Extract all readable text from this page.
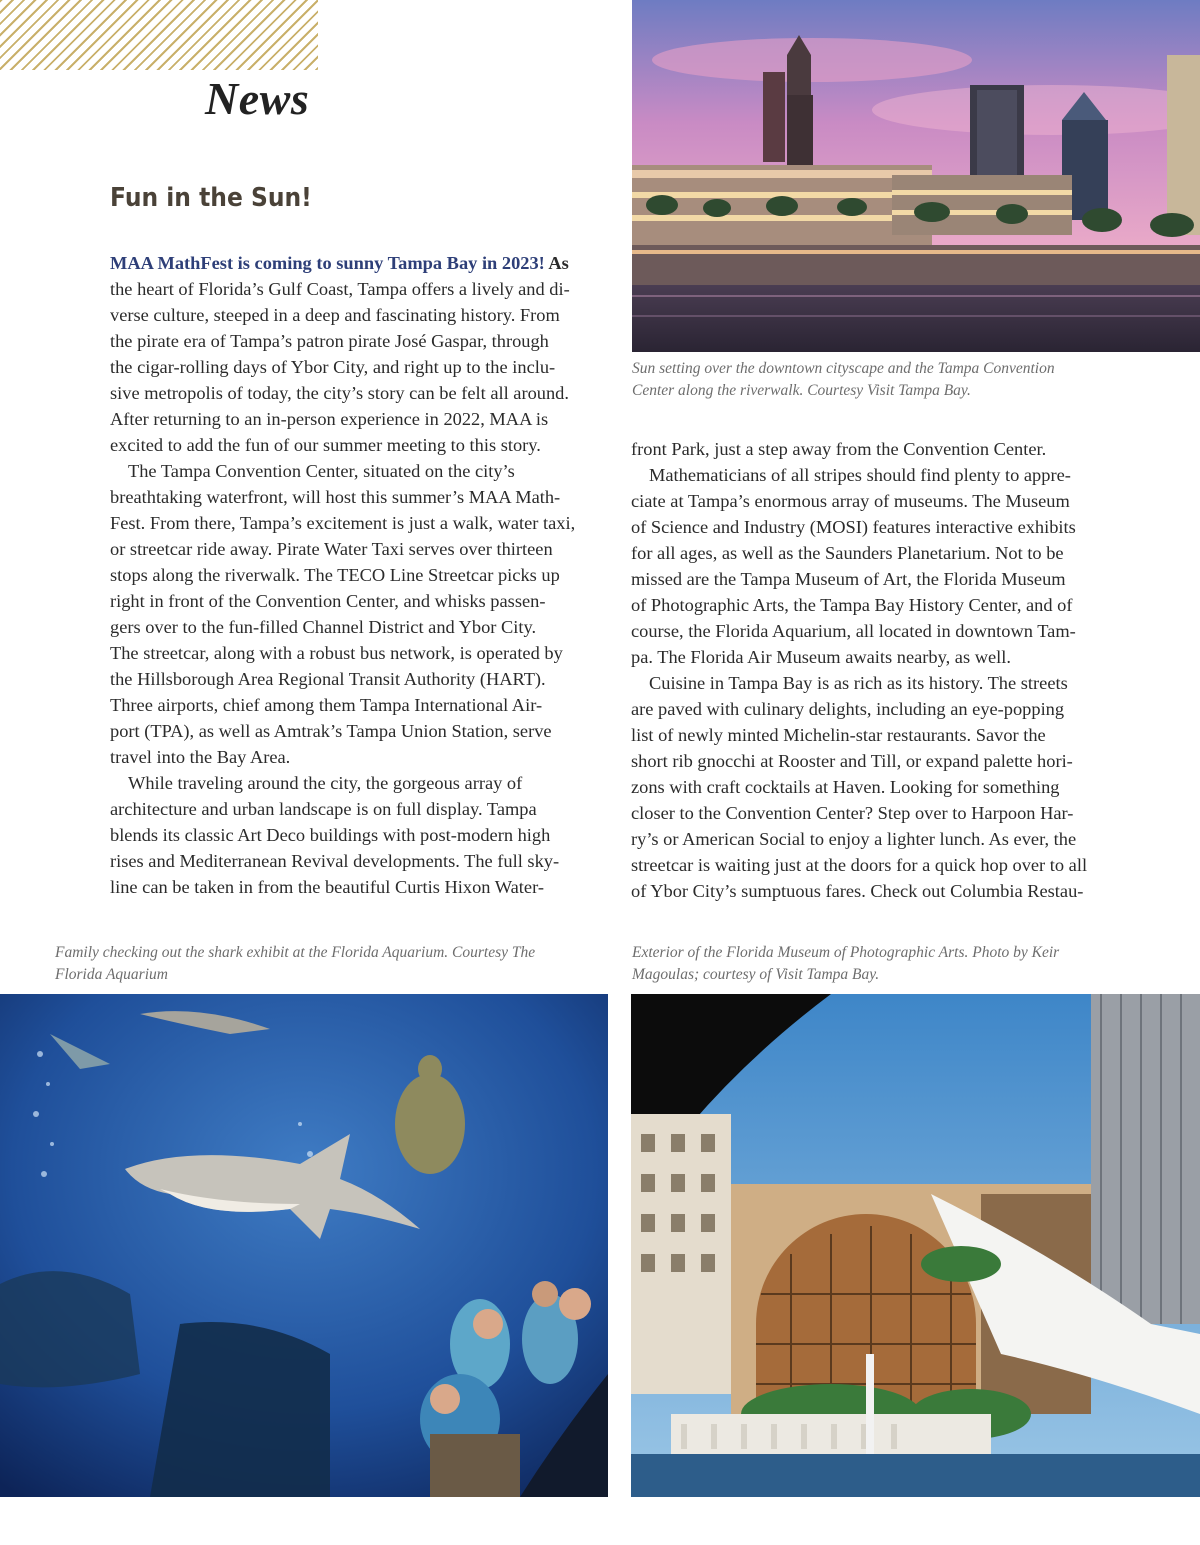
News
Fun in the Sun!
Sun setting over the downtown cityscape and the Tampa Convention
Center along the riverwalk. Courtesy Visit Tampa Bay.
MAA MathFest is coming to sunny Tampa Bay in 2023! As
the heart of Florida’s Gulf Coast, Tampa offers a lively and di-
verse culture, steeped in a deep and fascinating history. From
the pirate era of Tampa’s patron pirate José Gaspar, through
the cigar-rolling days of Ybor City, and right up to the inclu-
sive metropolis of today, the city’s story can be felt all around.
After returning to an in-person experience in 2022, MAA is
excited to add the fun of our summer meeting to this story.
The Tampa Convention Center, situated on the city’s
breathtaking waterfront, will host this summer’s MAA Math-
Fest. From there, Tampa’s excitement is just a walk, water taxi,
or streetcar ride away. Pirate Water Taxi serves over thirteen
stops along the riverwalk. The TECO Line Streetcar picks up
right in front of the Convention Center, and whisks passen-
gers over to the fun-filled Channel District and Ybor City.
The streetcar, along with a robust bus network, is operated by
the Hillsborough Area Regional Transit Authority (HART).
Three airports, chief among them Tampa International Air-
port (TPA), as well as Amtrak’s Tampa Union Station, serve
travel into the Bay Area.
While traveling around the city, the gorgeous array of
architecture and urban landscape is on full display. Tampa
blends its classic Art Deco buildings with post-modern high
rises and Mediterranean Revival developments. The full sky-
line can be taken in from the beautiful Curtis Hixon Water-
front Park, just a step away from the Convention Center.
Mathematicians of all stripes should find plenty to appre-
ciate at Tampa’s enormous array of museums. The Museum
of Science and Industry (MOSI) features interactive exhibits
for all ages, as well as the Saunders Planetarium. Not to be
missed are the Tampa Museum of Art, the Florida Museum
of Photographic Arts, the Tampa Bay History Center, and of
course, the Florida Aquarium, all located in downtown Tam-
pa. The Florida Air Museum awaits nearby, as well.
Cuisine in Tampa Bay is as rich as its history. The streets
are paved with culinary delights, including an eye-popping
list of newly minted Michelin-star restaurants. Savor the
short rib gnocchi at Rooster and Till, or expand palette hori-
zons with craft cocktails at Haven. Looking for something
closer to the Convention Center? Step over to Harpoon Har-
ry’s or American Social to enjoy a lighter lunch. As ever, the
streetcar is waiting just at the doors for a quick hop over to all
of Ybor City’s sumptuous fares. Check out Columbia Restau-
Family checking out the shark exhibit at the Florida Aquarium. Courtesy The
Florida Aquarium
Exterior of the Florida Museum of Photographic Arts. Photo by Keir
Magoulas; courtesy of Visit Tampa Bay.
